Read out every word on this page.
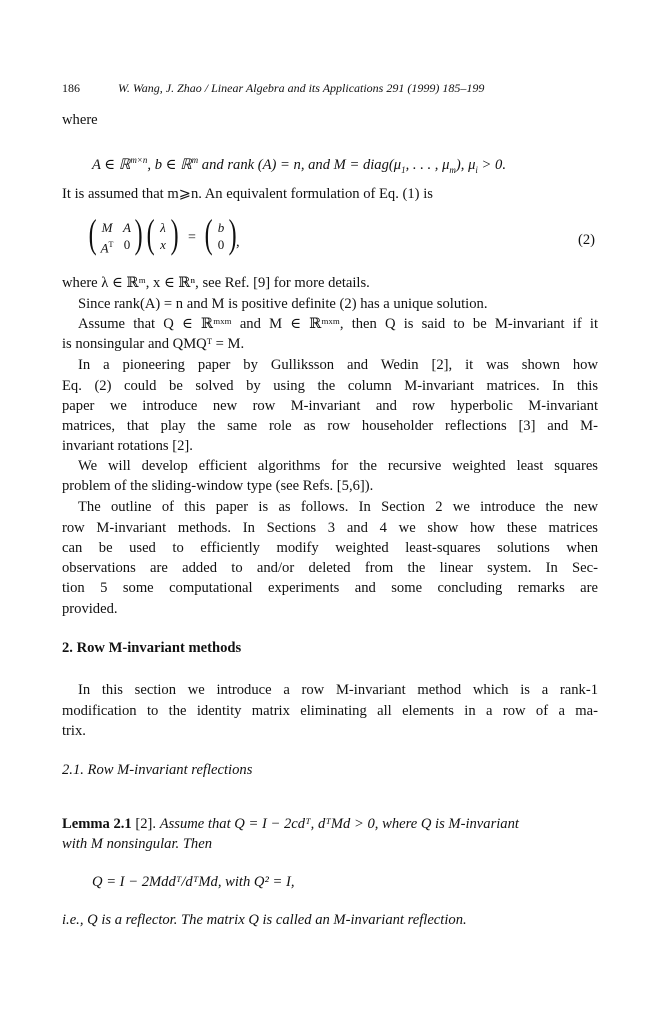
186	W. Wang, J. Zhao / Linear Algebra and its Applications 291 (1999) 185–199
where
A ∈ ℝ$^{m\times n}$, b ∈ ℝ$^m$ and rank (A) = n, and $M = diag(\mu_1$, . . . , $\mu_m$), $\mu_i > 0$.
It is assumed that m⩾n. An equivalent formulation of Eq. (1) is
( M A
$A^T$ 0 ) ( λ
x ) = ( b
0 ) ,	(2)
where λ ∈ ℝᵐ, x ∈ ℝⁿ, see Ref. [9] for more details.
Since rank(A) = n and M is positive definite (2) has a unique solution.
Assume that Q ∈ ℝᵐˣᵐ and M ∈ ℝᵐˣᵐ, then Q is said to be M-invariant if it
is nonsingular and QMQᵀ = M.
In a pioneering paper by Gulliksson and Wedin [2], it was shown how
Eq. (2) could be solved by using the column M-invariant matrices. In this
paper we introduce new row M-invariant and row hyperbolic M-invariant
matrices, that play the same role as row householder reflections [3] and M-
invariant rotations [2].
We will develop efficient algorithms for the recursive weighted least squares
problem of the sliding-window type (see Refs. [5,6]).
The outline of this paper is as follows. In Section 2 we introduce the new
row M-invariant methods. In Sections 3 and 4 we show how these matrices
can be used to efficiently modify weighted least-squares solutions when
observations are added to and/or deleted from the linear system. In Sec-
tion 5 some computational experiments and some concluding remarks are
provided.
2. Row M-invariant methods
In this section we introduce a row M-invariant method which is a rank-1
modification to the identity matrix eliminating all elements in a row of a ma-
trix.
2.1. Row M-invariant reflections
Lemma 2.1 [2]. Assume that Q = I − 2cdᵀ, dᵀMd > 0, where Q is M-invariant
with M nonsingular. Then
Q = I − 2Mddᵀ/dᵀMd, with Q² = I,
i.e., Q is a reflector. The matrix Q is called an M-invariant reflection.
